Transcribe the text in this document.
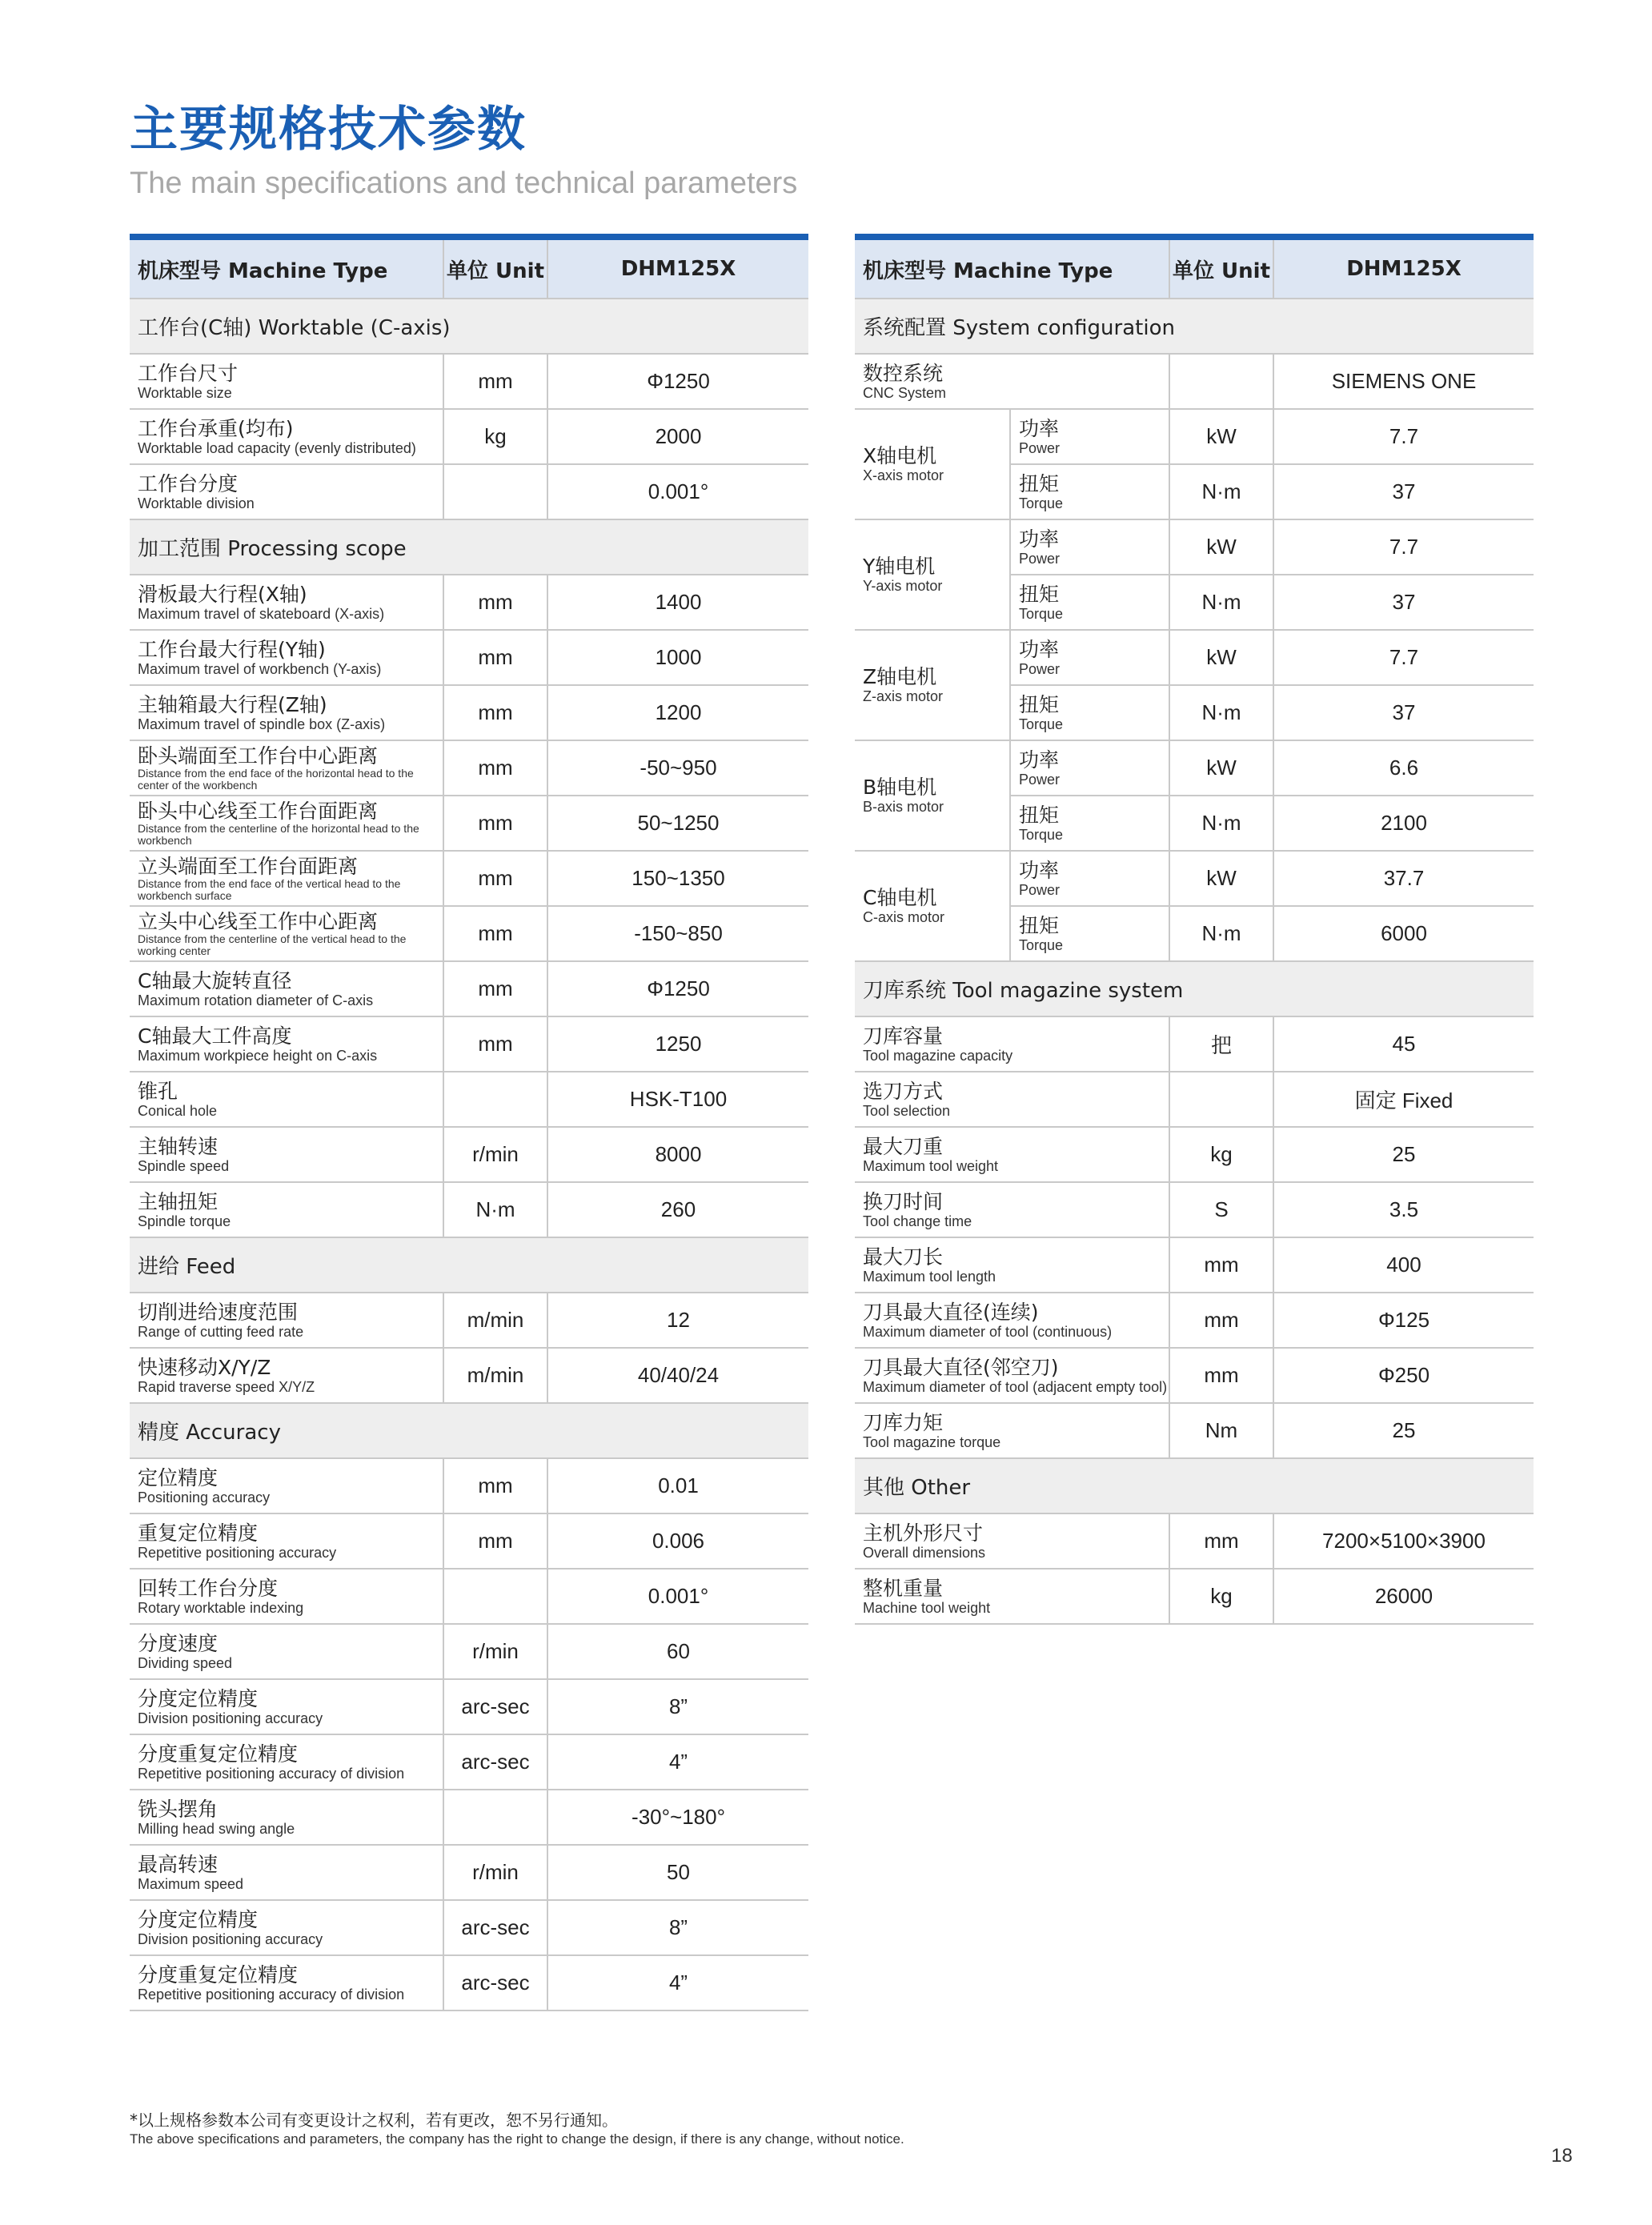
主要规格技术参数
The main specifications and technical parameters
机床型号 Machine Type	单位 Unit	DHM125X
工作台(C轴) Worktable (C-axis)		

工作台尺寸
Worktable size	mm	Φ1250

工作台承重(均布)
Worktable load capacity (evenly distributed)	kg	2000

工作台分度
Worktable division		0.001°
加工范围 Processing scope		

滑板最大行程(X轴)
Maximum travel of skateboard (X-axis)	mm	1400

工作台最大行程(Y轴)
Maximum travel of workbench (Y-axis)	mm	1000

主轴箱最大行程(Z轴)
Maximum travel of spindle box (Z-axis)	mm	1200

卧头端面至工作台中心距离
Distance from the end face of the horizontal head to the center of the workbench	mm	-50~950

卧头中心线至工作台面距离
Distance from the centerline of the horizontal head to the workbench	mm	50~1250

立头端面至工作台面距离
Distance from the end face of the vertical head to the workbench surface	mm	150~1350

立头中心线至工作中心距离
Distance from the centerline of the vertical head to the working center	mm	-150~850

C轴最大旋转直径
Maximum rotation diameter of C-axis	mm	Φ1250

C轴最大工件高度
Maximum workpiece height on C-axis	mm	1250

锥孔
Conical hole		HSK-T100

主轴转速
Spindle speed	r/min	8000

主轴扭矩
Spindle torque	N·m	260
进给 Feed		

切削进给速度范围
Range of cutting feed rate	m/min	12

快速移动X/Y/Z
Rapid traverse speed X/Y/Z	m/min	40/40/24
精度 Accuracy		

定位精度
Positioning accuracy	mm	0.01

重复定位精度
Repetitive positioning accuracy	mm	0.006

回转工作台分度
Rotary worktable indexing		0.001°

分度速度
Dividing speed	r/min	60

分度定位精度
Division positioning accuracy	arc-sec	8”

分度重复定位精度
Repetitive positioning accuracy of division	arc-sec	4”

铣头摆角
Milling head swing angle		-30°~180°

最高转速
Maximum speed	r/min	50

分度定位精度
Division positioning accuracy	arc-sec	8”

分度重复定位精度
Repetitive positioning accuracy of division	arc-sec	4”
机床型号 Machine Type		单位 Unit	DHM125X
系统配置 System configuration			

数控系统
CNC System			SIEMENS ONE

X轴电机
X-axis motor	功率
Power	kW	7.7

	扭矩
Torque	N·m	37

Y轴电机
Y-axis motor	功率
Power	kW	7.7

	扭矩
Torque	N·m	37

Z轴电机
Z-axis motor	功率
Power	kW	7.7

	扭矩
Torque	N·m	37

B轴电机
B-axis motor	功率
Power	kW	6.6

	扭矩
Torque	N·m	2100

C轴电机
C-axis motor	功率
Power	kW	37.7

	扭矩
Torque	N·m	6000
刀库系统 Tool magazine system			

刀库容量
Tool magazine capacity		把	45

选刀方式
Tool selection			固定 Fixed

最大刀重
Maximum tool weight		kg	25

换刀时间
Tool change time		S	3.5

最大刀长
Maximum tool length		mm	400

刀具最大直径(连续)
Maximum diameter of tool (continuous)		mm	Φ125

刀具最大直径(邻空刀)
Maximum diameter of tool (adjacent empty tool)		mm	Φ250

刀库力矩
Tool magazine torque		Nm	25
其他 Other			

主机外形尺寸
Overall dimensions		mm	7200×5100×3900

整机重量
Machine tool weight		kg	26000
*以上规格参数本公司有变更设计之权利，若有更改，恕不另行通知。
The above specifications and parameters, the company has the right to change the design, if there is any change, without notice.
18
